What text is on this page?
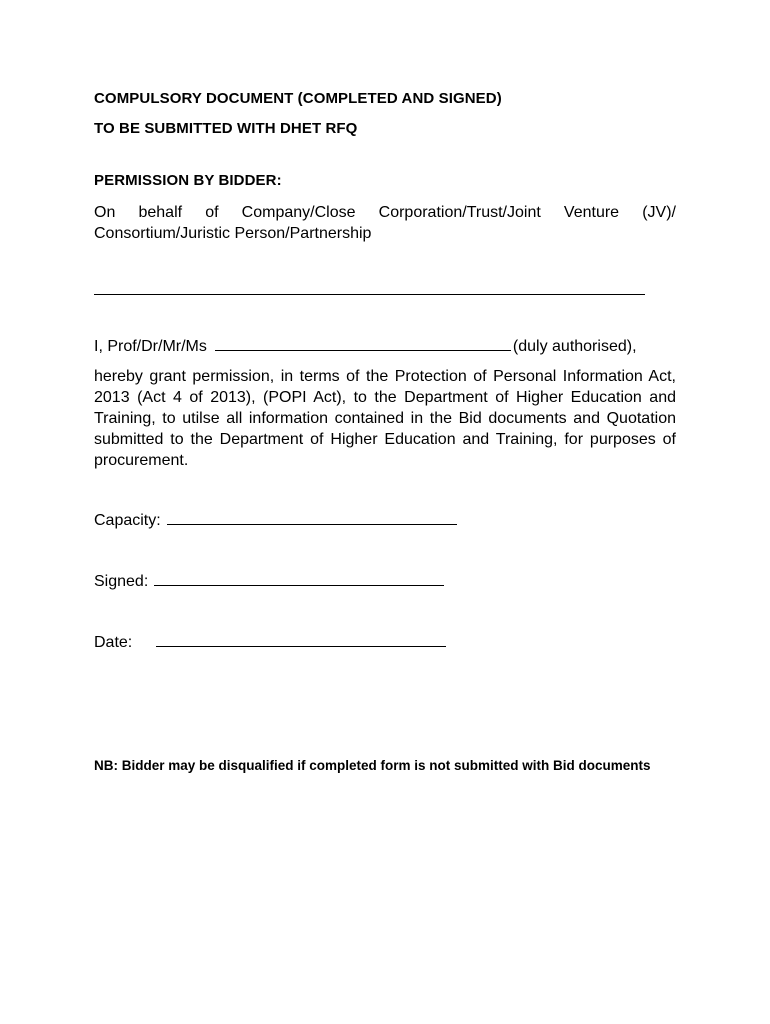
COMPULSORY DOCUMENT (COMPLETED AND SIGNED)
TO BE SUBMITTED WITH DHET RFQ
PERMISSION BY BIDDER:
On behalf of Company/Close Corporation/Trust/Joint Venture (JV)/ Consortium/Juristic Person/Partnership
I, Prof/Dr/Mr/Ms	(duly authorised),
hereby grant permission, in terms of the Protection of Personal Information Act, 2013 (Act 4 of 2013), (POPI Act), to the Department of Higher Education and Training, to utilse all information contained in the Bid documents and Quotation submitted to the Department of Higher Education and Training, for purposes of procurement.
Capacity:
Signed:
Date:
NB: Bidder may be disqualified if completed form is not submitted with Bid documents
